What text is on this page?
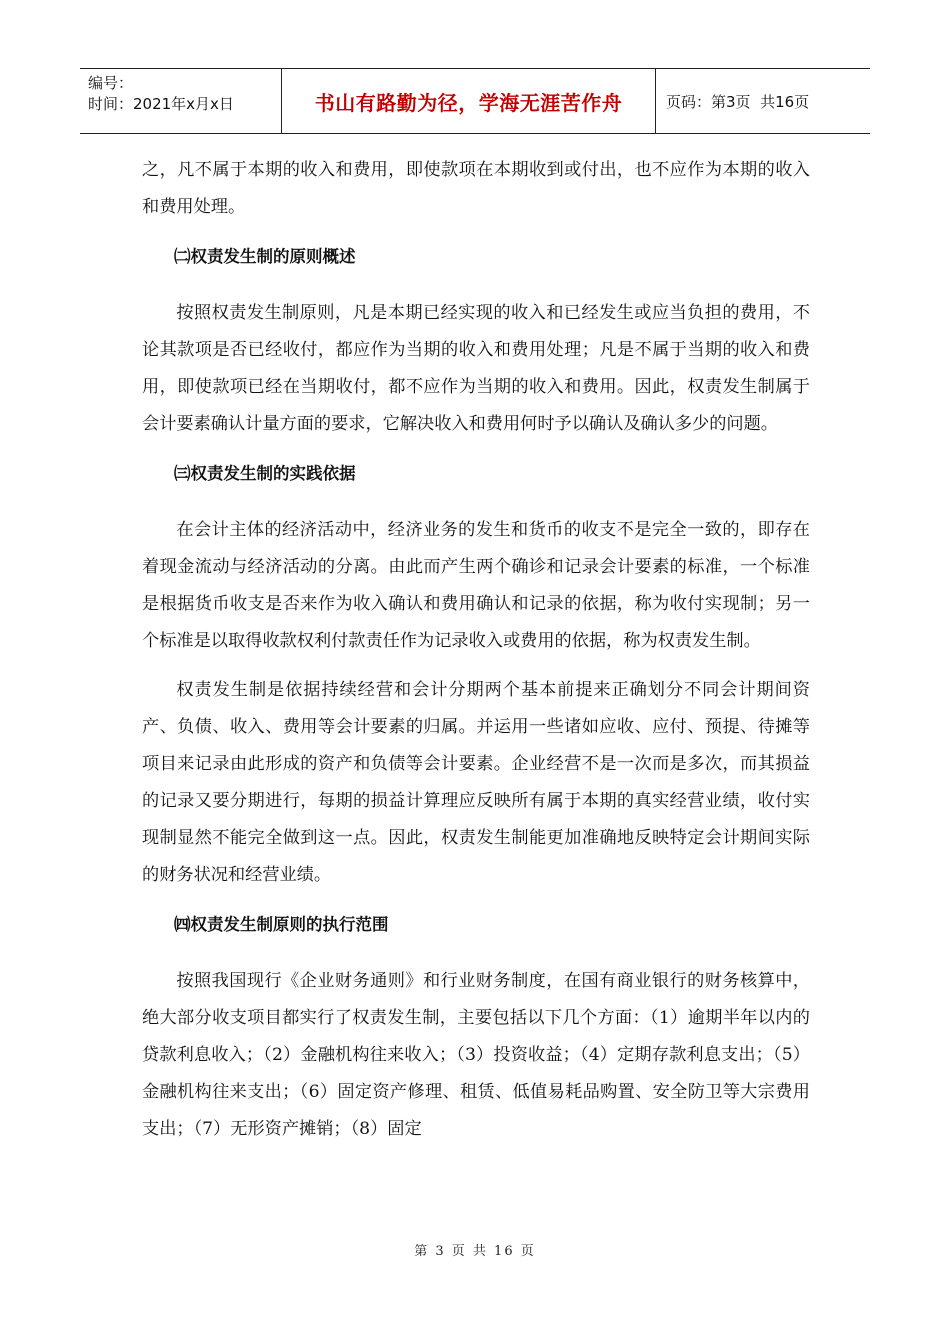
编号：
时间：2021年x月x日	书山有路勤为径，学海无涯苦作舟	页码：第3页  共16页

之，凡不属于本期的收入和费用，即使款项在本期收到或付出，也不应作为本期的收入和费用处理。

㈡权责发生制的原则概述

按照权责发生制原则，凡是本期已经实现的收入和已经发生或应当负担的费用，不论其款项是否已经收付，都应作为当期的收入和费用处理；凡是不属于当期的收入和费用，即使款项已经在当期收付，都不应作为当期的收入和费用。因此，权责发生制属于会计要素确认计量方面的要求，它解决收入和费用何时予以确认及确认多少的问题。

㈢权责发生制的实践依据

在会计主体的经济活动中，经济业务的发生和货币的收支不是完全一致的，即存在着现金流动与经济活动的分离。由此而产生两个确诊和记录会计要素的标准，一个标准是根据货币收支是否来作为收入确认和费用确认和记录的依据，称为收付实现制；另一个标准是以取得收款权利付款责任作为记录收入或费用的依据，称为权责发生制。

权责发生制是依据持续经营和会计分期两个基本前提来正确划分不同会计期间资产、负债、收入、费用等会计要素的归属。并运用一些诸如应收、应付、预提、待摊等项目来记录由此形成的资产和负债等会计要素。企业经营不是一次而是多次，而其损益的记录又要分期进行，每期的损益计算理应反映所有属于本期的真实经营业绩，收付实现制显然不能完全做到这一点。因此，权责发生制能更加准确地反映特定会计期间实际的财务状况和经营业绩。

㈣权责发生制原则的执行范围

按照我国现行《企业财务通则》和行业财务制度，在国有商业银行的财务核算中，绝大部分收支项目都实行了权责发生制，主要包括以下几个方面：（1）逾期半年以内的贷款利息收入；（2）金融机构往来收入；（3）投资收益；（4）定期存款利息支出；（5）金融机构往来支出；（6）固定资产修理、租赁、低值易耗品购置、安全防卫等大宗费用支出；（7）无形资产摊销；（8）固定

第 3 页 共 16 页
